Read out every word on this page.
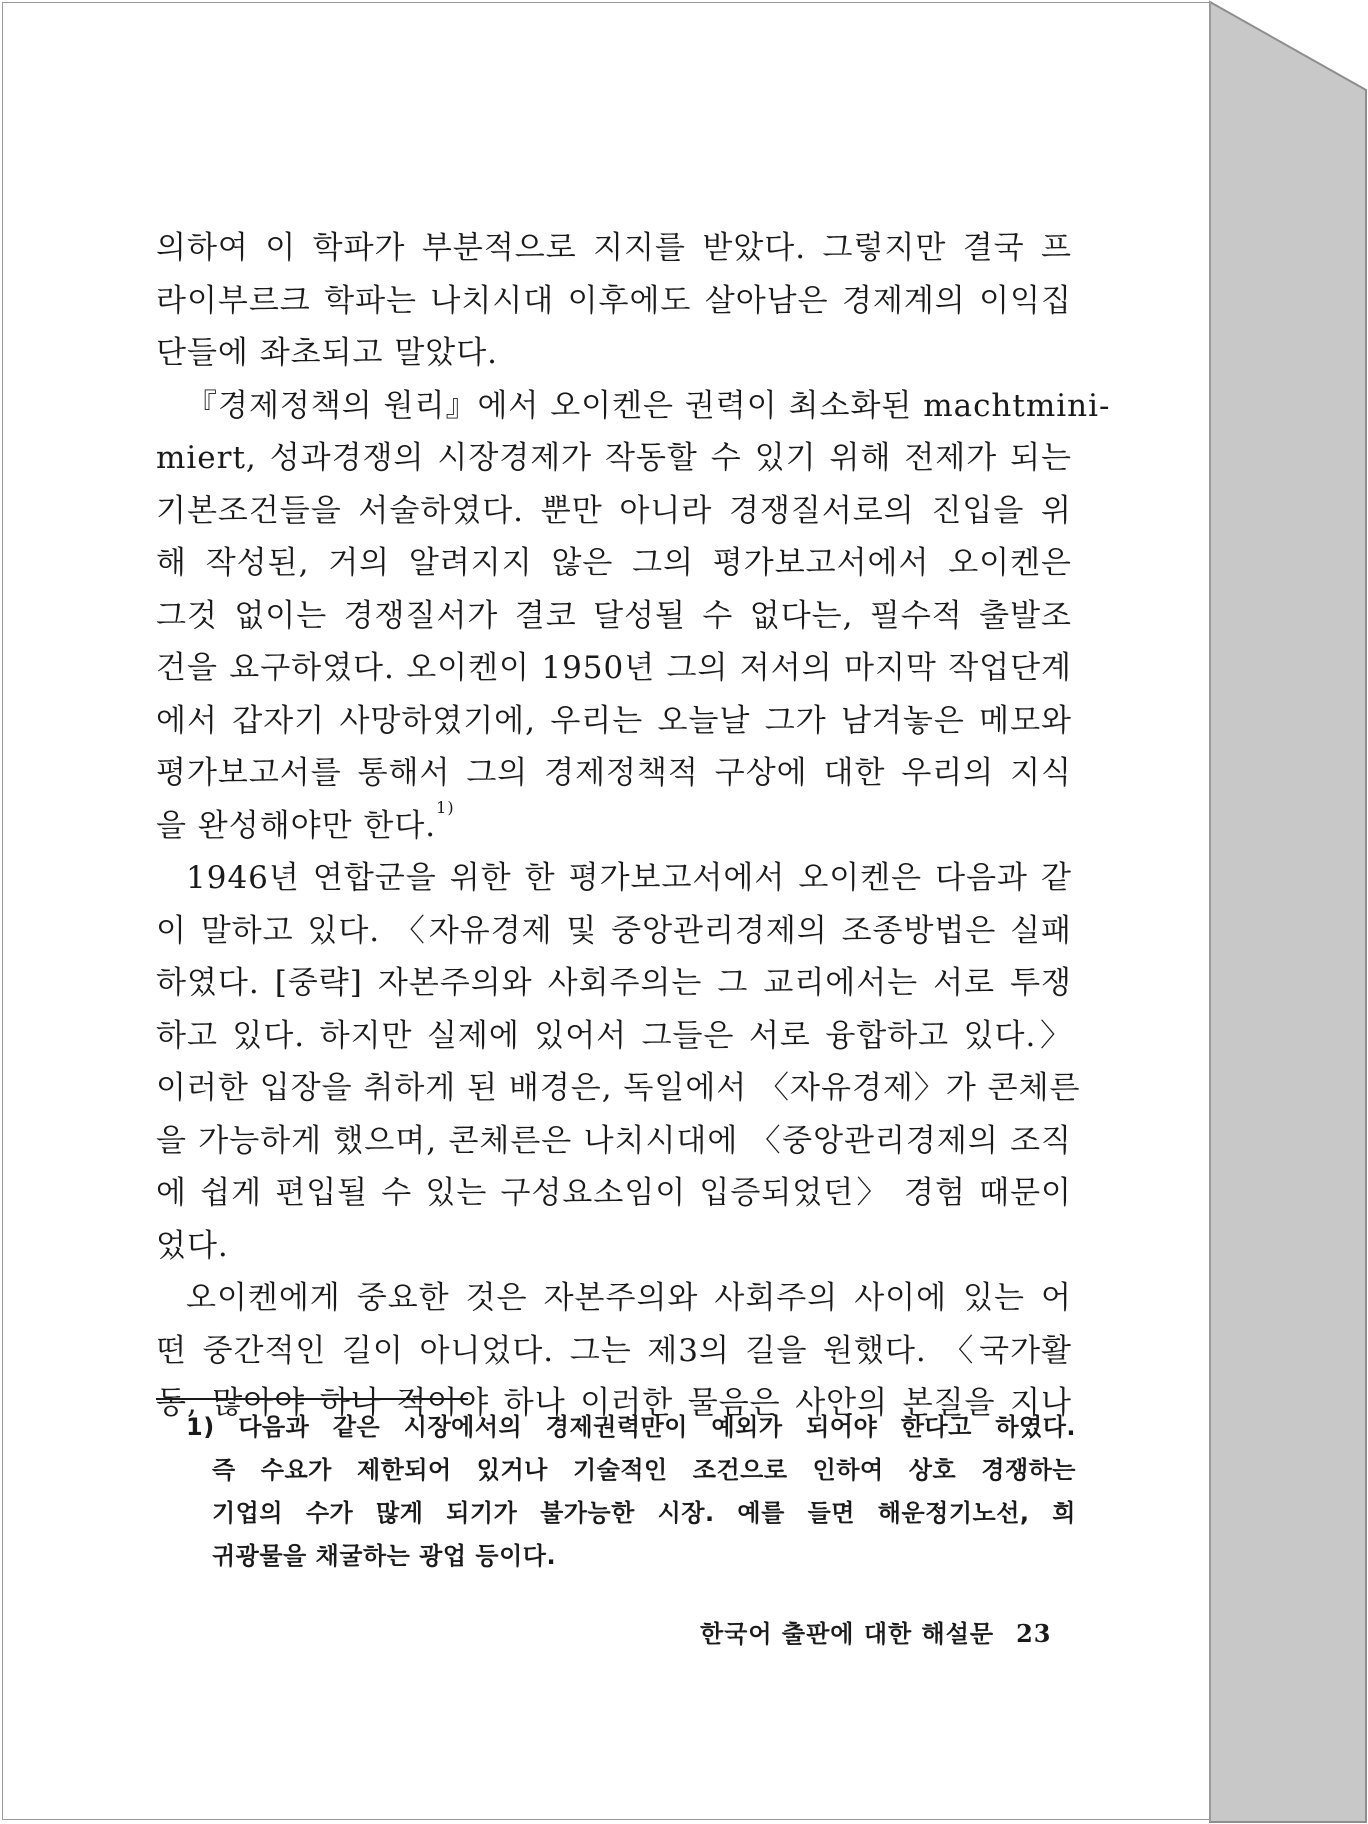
의하여 이 학파가 부분적으로 지지를 받았다. 그렇지만 결국 프
라이부르크 학파는 나치시대 이후에도 살아남은 경제계의 이익집
단들에 좌초되고 말았다.
『경제정책의 원리』에서 오이켄은 권력이 최소화된 machtmini-
miert, 성과경쟁의 시장경제가 작동할 수 있기 위해 전제가 되는
기본조건들을 서술하였다. 뿐만 아니라 경쟁질서로의 진입을 위
해 작성된, 거의 알려지지 않은 그의 평가보고서에서 오이켄은
그것 없이는 경쟁질서가 결코 달성될 수 없다는, 필수적 출발조
건을 요구하였다. 오이켄이 1950년 그의 저서의 마지막 작업단계
에서 갑자기 사망하였기에, 우리는 오늘날 그가 남겨놓은 메모와
평가보고서를 통해서 그의 경제정책적 구상에 대한 우리의 지식
을 완성해야만 한다.$^{1)}$
1946년 연합군을 위한 한 평가보고서에서 오이켄은 다음과 같
이 말하고 있다. 〈자유경제 및 중앙관리경제의 조종방법은 실패
하였다. [중략] 자본주의와 사회주의는 그 교리에서는 서로 투쟁
하고 있다. 하지만 실제에 있어서 그들은 서로 융합하고 있다.〉
이러한 입장을 취하게 된 배경은, 독일에서 〈자유경제〉가 콘체른
을 가능하게 했으며, 콘체른은 나치시대에 〈중앙관리경제의 조직
에 쉽게 편입될 수 있는 구성요소임이 입증되었던〉 경험 때문이
었다.
오이켄에게 중요한 것은 자본주의와 사회주의 사이에 있는 어
떤 중간적인 길이 아니었다. 그는 제3의 길을 원했다. 〈국가활
동, 많아야 하나 적어야 하나 이러한 물음은 사안의 본질을 지나
1) 다음과 같은 시장에서의 경제권력만이 예외가 되어야 한다고 하였다.
즉 수요가 제한되어 있거나 기술적인 조건으로 인하여 상호 경쟁하는
기업의 수가 많게 되기가 불가능한 시장. 예를 들면 해운정기노선, 희
귀광물을 채굴하는 광업 등이다.
한국어 출판에 대한 해설문 23
